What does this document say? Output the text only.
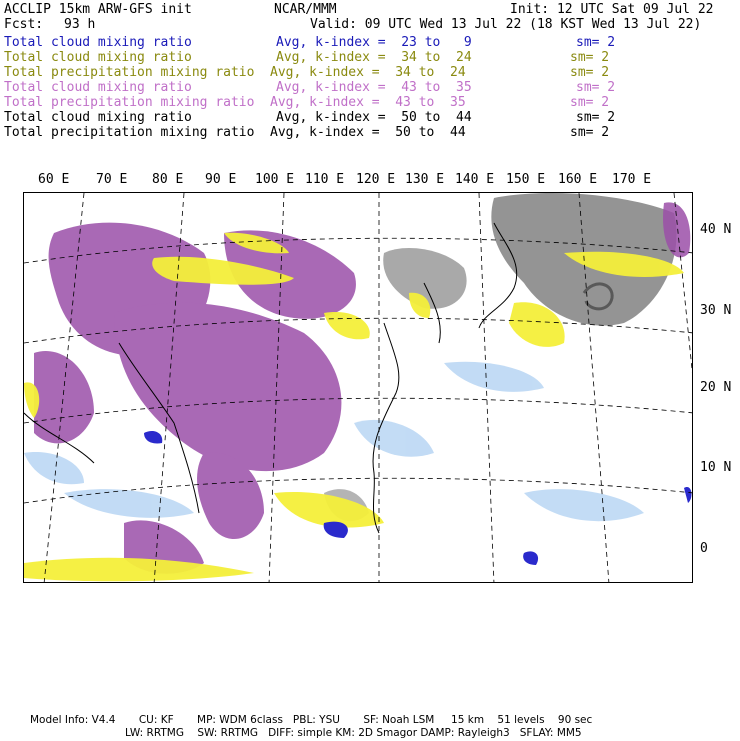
ACCLIP 15km ARW-GFS init	NCAR/MMM	Init: 12 UTC Sat 09 Jul 22
Fcst: 93 h	Valid: 09 UTC Wed 13 Jul 22 (18 KST Wed 13 Jul 22)
Total cloud mixing ratio	Avg, k-index =  23 to   9	sm= 2
Total cloud mixing ratio	Avg, k-index =  34 to  24	sm= 2
Total precipitation mixing ratio Avg, k-index =  34 to  24	sm= 2
Total cloud mixing ratio	Avg, k-index =  43 to  35	sm= 2
Total precipitation mixing ratio Avg, k-index =  43 to  35	sm= 2
Total cloud mixing ratio	Avg, k-index =  50 to  44	sm= 2
Total precipitation mixing ratio Avg, k-index =  50 to  44	sm= 2
60 E 70 E 80 E 90 E 100 E 110 E 120 E 130 E 140 E 150 E 160 E 170 E
40 N
30 N
20 N
10 N
0
Model Info: V4.4       CU: KF       MP: WDM 6class   PBL: YSU       SF: Noah LSM     15 km    51 levels    90 sec
LW: RRTMG    SW: RRTMG   DIFF: simple KM: 2D Smagor DAMP: Rayleigh3   SFLAY: MM5
